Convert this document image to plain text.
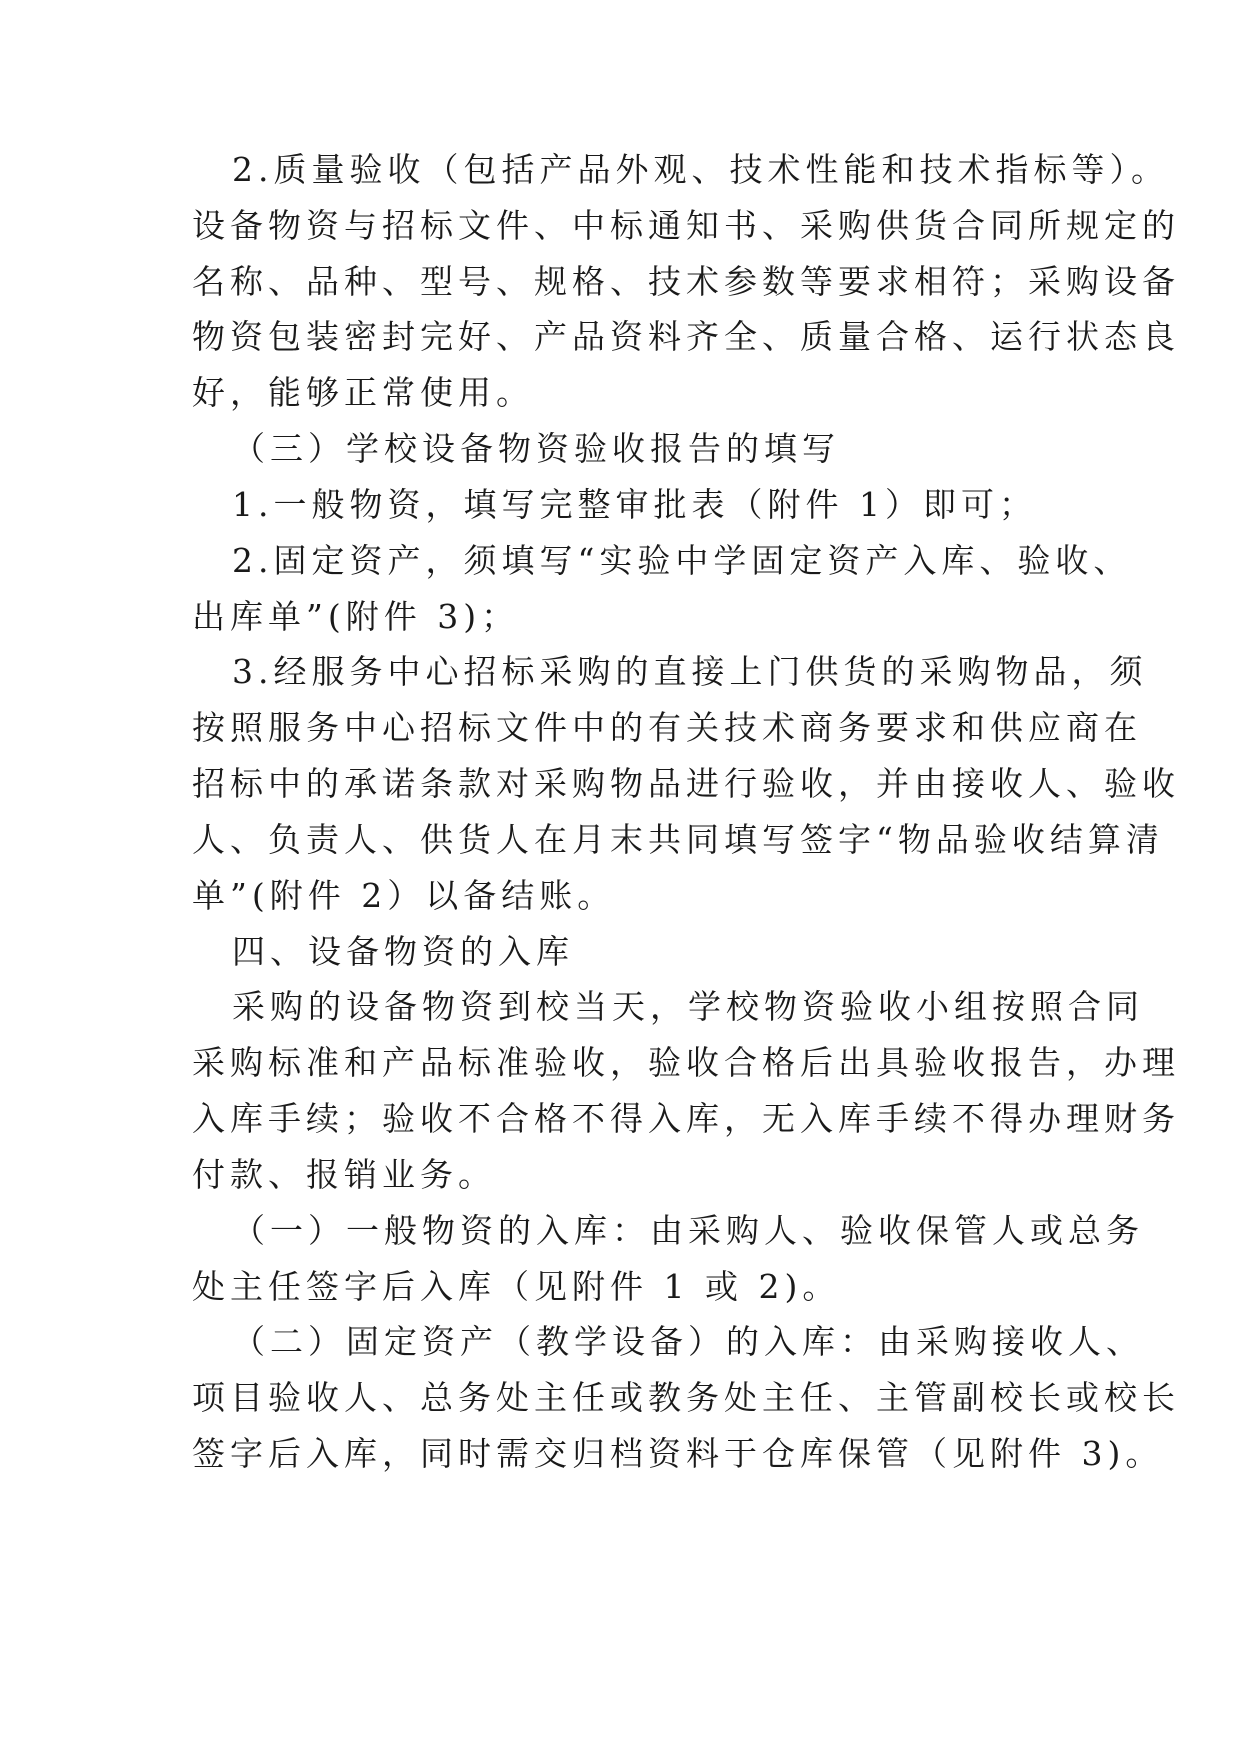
2.质量验收（包括产品外观、技术性能和技术指标等）。
设备物资与招标文件、中标通知书、采购供货合同所规定的
名称、品种、型号、规格、技术参数等要求相符；采购设备
物资包装密封完好、产品资料齐全、质量合格、运行状态良
好，能够正常使用。
（三）学校设备物资验收报告的填写
1.一般物资，填写完整审批表（附件 1）即可；
2.固定资产，须填写“实验中学固定资产入库、验收、
出库单”(附件 3)；
3.经服务中心招标采购的直接上门供货的采购物品，须
按照服务中心招标文件中的有关技术商务要求和供应商在
招标中的承诺条款对采购物品进行验收，并由接收人、验收
人、负责人、供货人在月末共同填写签字“物品验收结算清
单”(附件 2）以备结账。
四、设备物资的入库
采购的设备物资到校当天，学校物资验收小组按照合同
采购标准和产品标准验收，验收合格后出具验收报告，办理
入库手续；验收不合格不得入库，无入库手续不得办理财务
付款、报销业务。
（一）一般物资的入库：由采购人、验收保管人或总务
处主任签字后入库（见附件 1 或 2)。
（二）固定资产（教学设备）的入库：由采购接收人、
项目验收人、总务处主任或教务处主任、主管副校长或校长
签字后入库，同时需交归档资料于仓库保管（见附件 3)。
